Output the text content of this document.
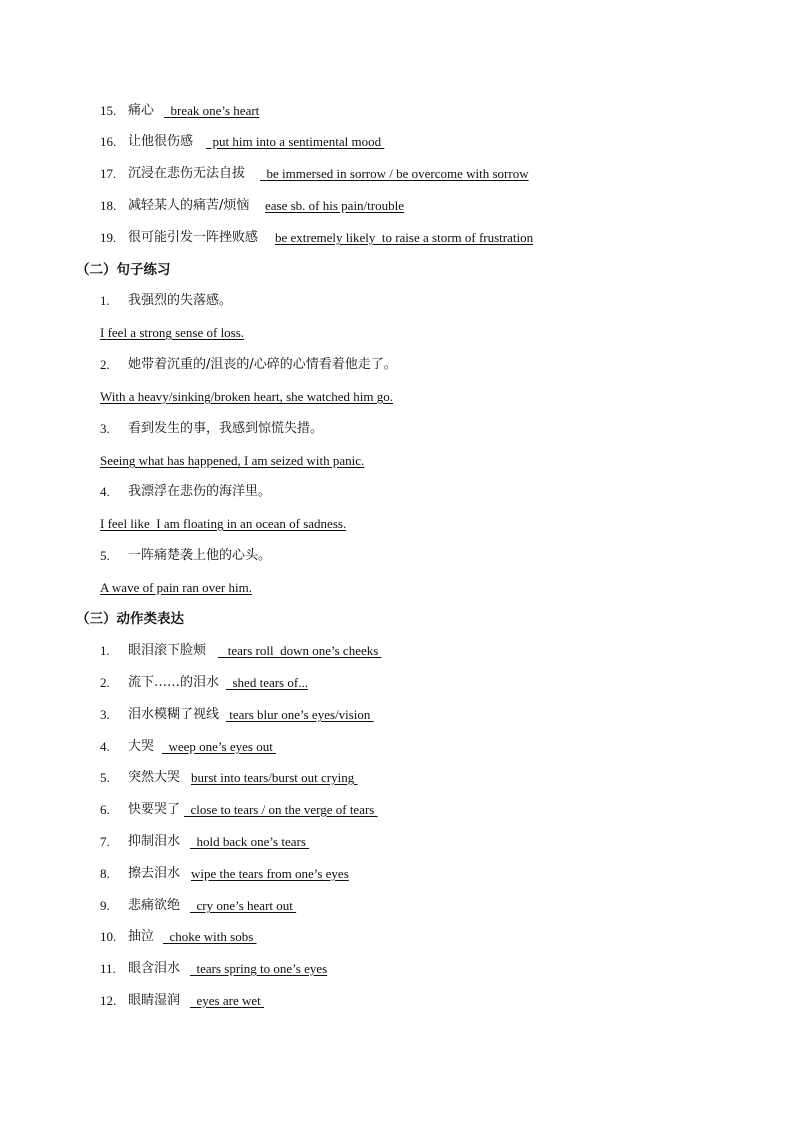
15. 痛心 break one’s heart
16. 让他很伤感 put him into a sentimental mood
17. 沉浸在悲伤无法自拔 be immersed in sorrow / be overcome with sorrow
18. 减轻某人的痛苦/烦恼 ease sb. of his pain/trouble
19. 很可能引发一阵挫败感 be extremely likely  to raise a storm of frustration
（二）句子练习
1.	我强烈的失落感。
I feel a strong sense of loss.
2.	她带着沉重的/沮丧的/心碎的心情看着他走了。
With a heavy/sinking/broken heart, she watched him go.
3.	看到发生的事，我感到惊慌失措。
Seeing what has happened, I am seized with panic.
4.	我漂浮在悲伤的海洋里。
I feel like  I am floating in an ocean of sadness.
5.	一阵痛楚袭上他的心头。
A wave of pain ran over him.
（三）动作类表达
1.	眼泪滚下脸颊 tears roll  down one’s cheeks
2.	流下……的泪水 shed tears of...
3.	泪水模糊了视线 tears blur one’s eyes/vision
4.	大哭 weep one’s eyes out
5.	突然大哭 burst into tears/burst out crying
6.	快要哭了 close to tears / on the verge of tears
7.	抑制泪水 hold back one’s tears
8.	擦去泪水 wipe the tears from one’s eyes
9.	悲痛欲绝 cry one’s heart out
10. 抽泣 choke with sobs
11. 眼含泪水 tears spring to one’s eyes
12. 眼睛湿润 eyes are wet
